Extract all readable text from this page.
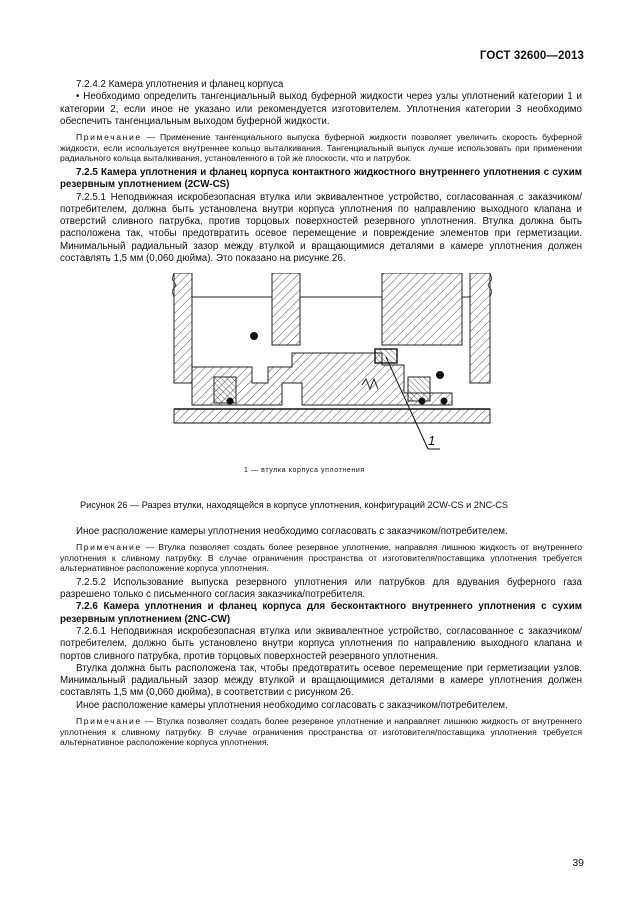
ГОСТ 32600—2013

7.2.4.2 Камера уплотнения и фланец корпуса

• Необходимо определить тангенциальный выход буферной жидкости через узлы уплотнений категории 1 и категории 2, если иное не указано или рекомендуется изготовителем. Уплотнения категории 3 необходимо обеспечить тангенциальным выходом буферной жидкости.

Примечание — Применение тангенциального выпуска буферной жидкости позволяет увеличить скорость буферной жидкости, если используется внутреннее кольцо выталкивания. Тангенциальный выпуск лучше использовать при применении радиального кольца выталкивания, установленного в той же плоскости, что и патрубок.

7.2.5 Камера уплотнения и фланец корпуса контактного жидкостного внутреннего уплотнения с сухим резервным уплотнением (2CW-CS)

7.2.5.1 Неподвижная искробезопасная втулка или эквивалентное устройство, согласованная с заказчиком/потребителем, должна быть установлена внутри корпуса уплотнения по направлению выходного клапана и отверстий сливного патрубка, против торцовых поверхностей резервного уплотнения. Втулка должна быть расположена так, чтобы предотвратить осевое перемещение и повреждение элементов при герметизации. Минимальный радиальный зазор между втулкой и вращающимися деталями в камере уплотнения должен составлять 1,5 мм (0,060 дюйма). Это показано на рисунке 26.

1
1 — втулка корпуса уплотнения

Рисунок 26 — Разрез втулки, находящейся в корпусе уплотнения, конфигураций 2CW-CS и 2NC-CS

Иное расположение камеры уплотнения необходимо согласовать с заказчиком/потребителем.

Примечание — Втулка позволяет создать более резервное уплотнение, направляя лишнюю жидкость от внутреннего уплотнения к сливному патрубку. В случае ограничения пространства от изготовителя/поставщика уплотнения требуется альтернативное расположение корпуса уплотнения.

7.2.5.2 Использование выпуска резервного уплотнения или патрубков для вдувания буферного газа разрешено только с письменного согласия заказчика/потребителя.

7.2.6 Камера уплотнения и фланец корпуса для бесконтактного внутреннего уплотнения с сухим резервным уплотнением (2NC-CW)

7.2.6.1 Неподвижная искробезопасная втулка или эквивалентное устройство, согласованное с заказчиком/потребителем, должно быть установлено внутри корпуса уплотнения по направлению выходного клапана и портов сливного патрубка, против торцовых поверхностей резервного уплотнения.

Втулка должна быть расположена так, чтобы предотвратить осевое перемещение при герметизации узлов. Минимальный радиальный зазор между втулкой и вращающимися деталями в камере уплотнения должен составлять 1,5 мм (0,060 дюйма), в соответствии с рисунком 26.

Иное расположение камеры уплотнения необходимо согласовать с заказчиком/потребителем.

Примечание — Втулка позволяет создать более резервное уплотнение и направляет лишнюю жидкость от внутреннего уплотнения к сливному патрубку. В случае ограничения пространства от изготовителя/поставщика уплотнения требуется альтернативное расположение корпуса уплотнения.

39
